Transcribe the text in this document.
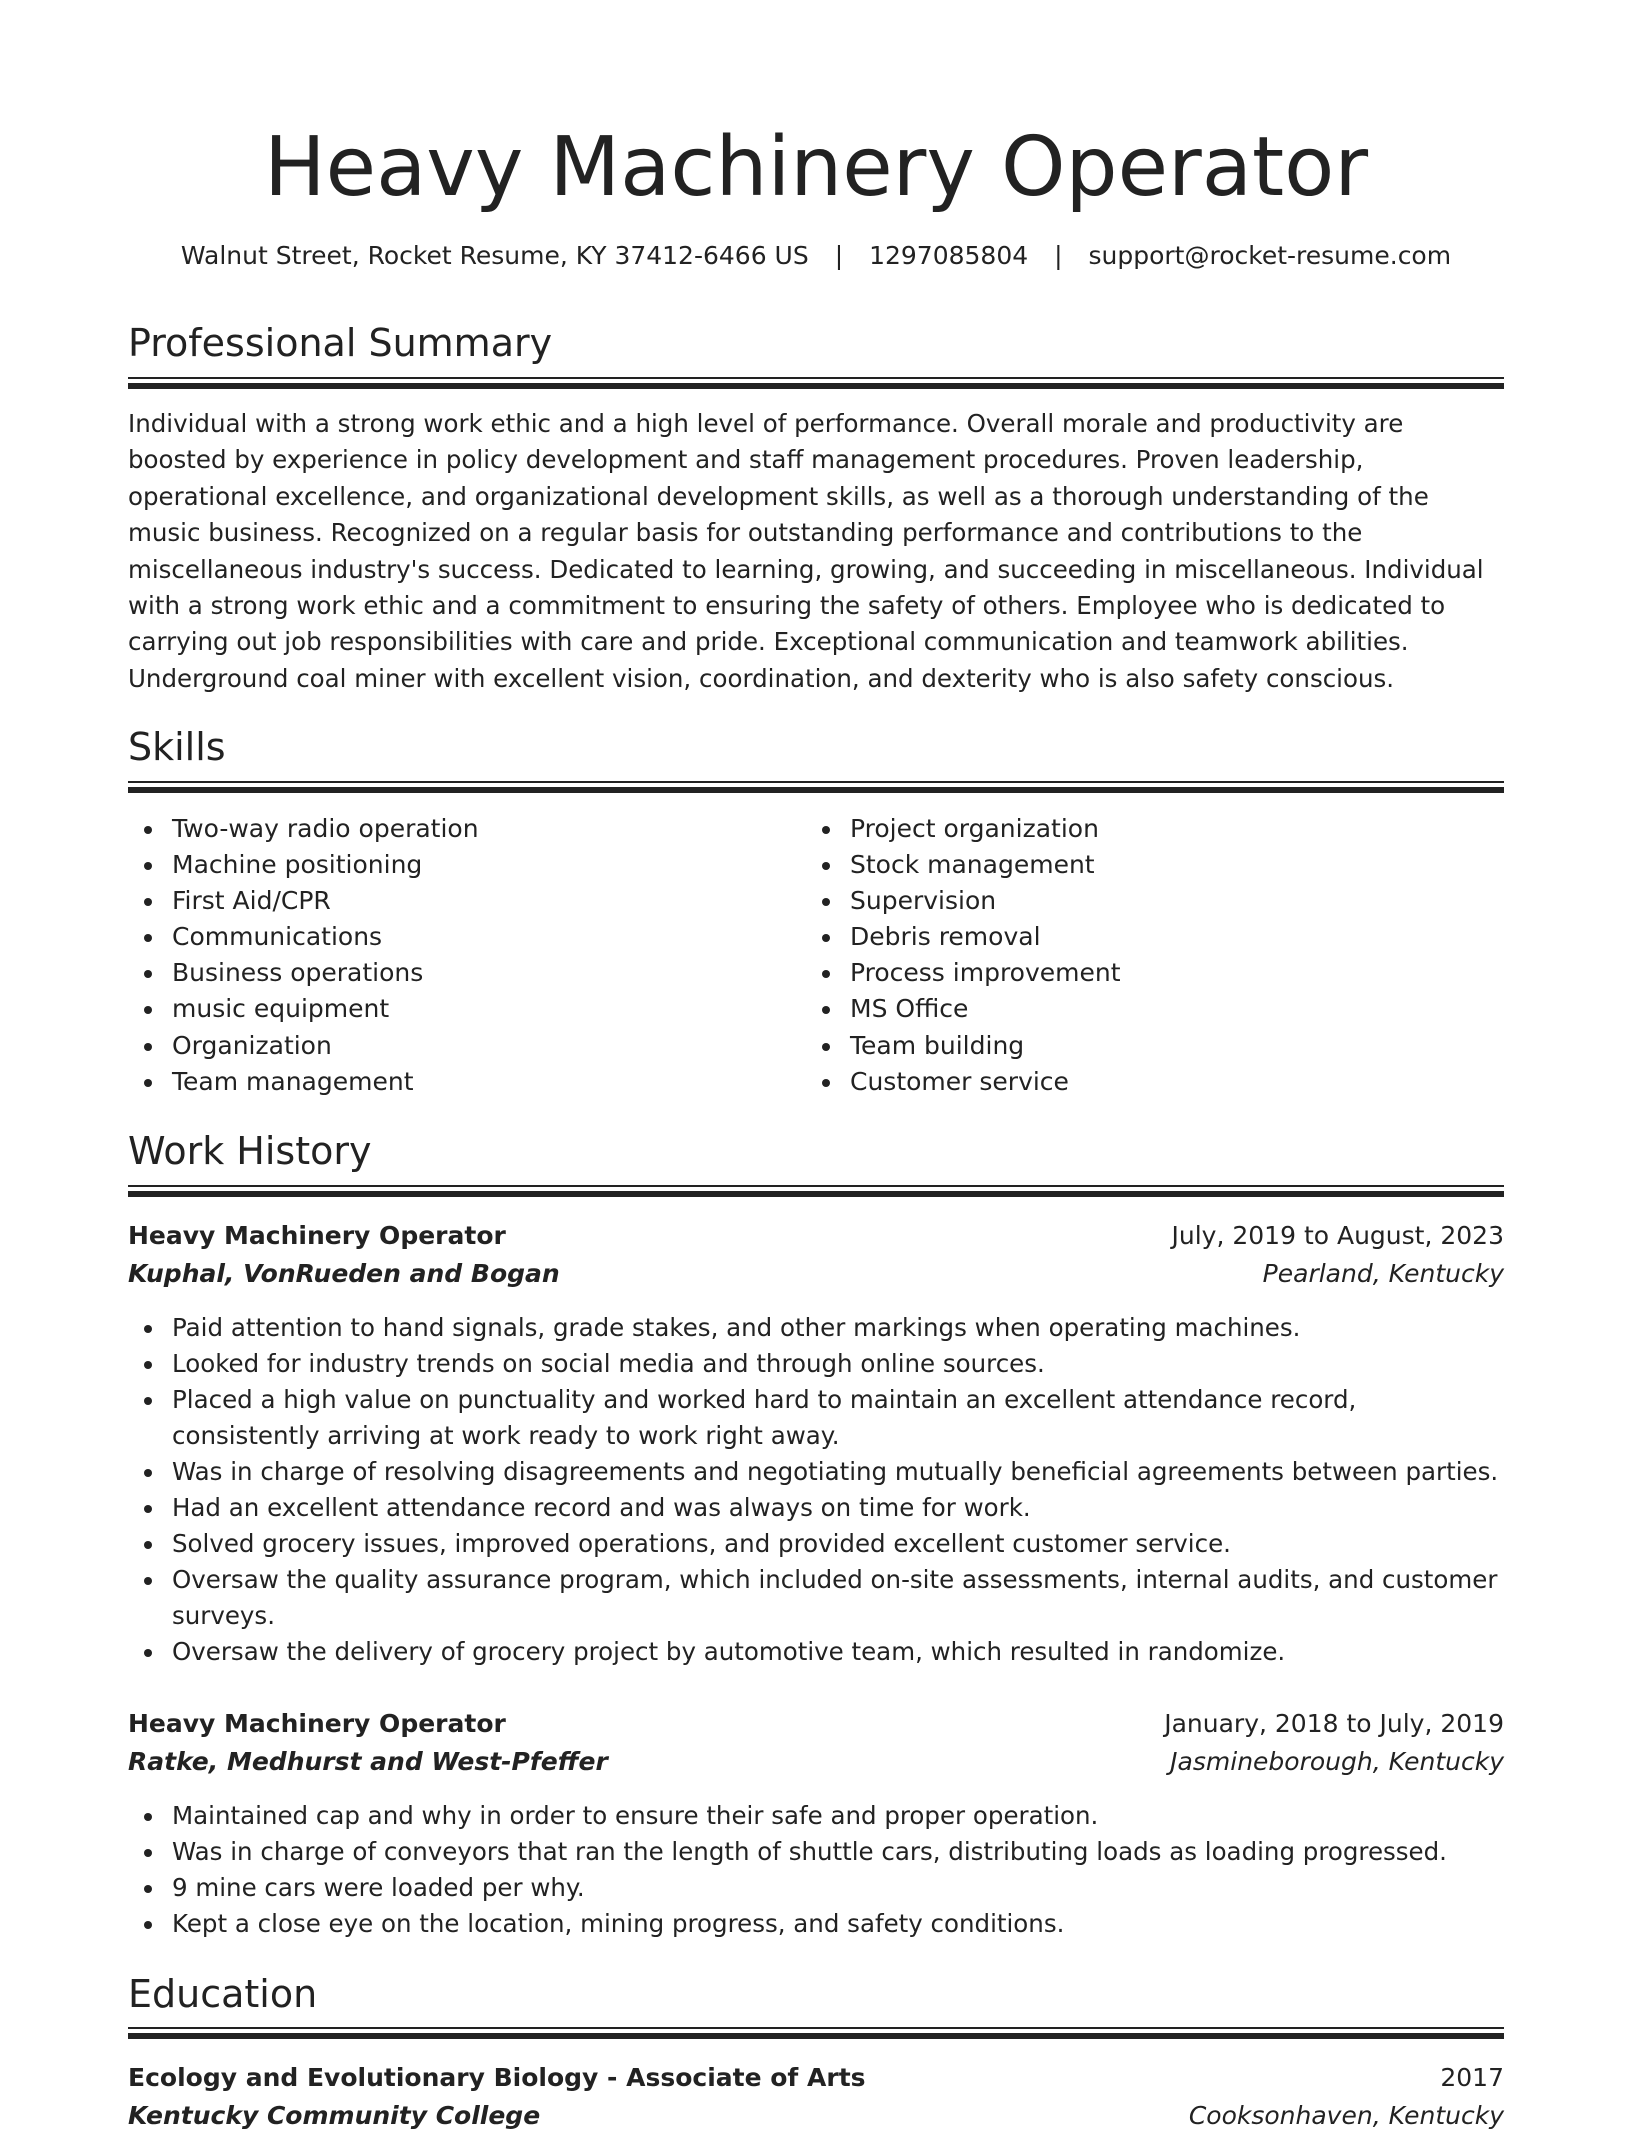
Heavy Machinery Operator
Walnut Street, Rocket Resume, KY 37412-6466 US | 1297085804 | support@rocket-resume.com
Professional Summary

Individual with a strong work ethic and a high level of performance. Overall morale and productivity are boosted by experience in policy development and staff management procedures. Proven leadership, operational excellence, and organizational development skills, as well as a thorough understanding of the music business. Recognized on a regular basis for outstanding performance and contributions to the miscellaneous industry's success. Dedicated to learning, growing, and succeeding in miscellaneous. Individual with a strong work ethic and a commitment to ensuring the safety of others. Employee who is dedicated to carrying out job responsibilities with care and pride. Exceptional communication and teamwork abilities. Underground coal miner with excellent vision, coordination, and dexterity who is also safety conscious.

Skills
Two-way radio operation
Machine positioning
First Aid/CPR
Communications
Business operations
music equipment
Organization
Team management
Project organization
Stock management
Supervision
Debris removal
Process improvement
MS Office
Team building
Customer service
Work History
Heavy Machinery Operator	July, 2019 to August, 2023
Kuphal, VonRueden and Bogan	Pearland, Kentucky
Paid attention to hand signals, grade stakes, and other markings when operating machines.
Looked for industry trends on social media and through online sources.
Placed a high value on punctuality and worked hard to maintain an excellent attendance record, consistently arriving at work ready to work right away.
Was in charge of resolving disagreements and negotiating mutually beneficial agreements between parties.
Had an excellent attendance record and was always on time for work.
Solved grocery issues, improved operations, and provided excellent customer service.
Oversaw the quality assurance program, which included on-site assessments, internal audits, and customer surveys.
Oversaw the delivery of grocery project by automotive team, which resulted in randomize.
Heavy Machinery Operator	January, 2018 to July, 2019
Ratke, Medhurst and West-Pfeffer	Jasmineborough, Kentucky
Maintained cap and why in order to ensure their safe and proper operation.
Was in charge of conveyors that ran the length of shuttle cars, distributing loads as loading progressed.
9 mine cars were loaded per why.
Kept a close eye on the location, mining progress, and safety conditions.
Education
Ecology and Evolutionary Biology - Associate of Arts	2017
Kentucky Community College	Cooksonhaven, Kentucky
